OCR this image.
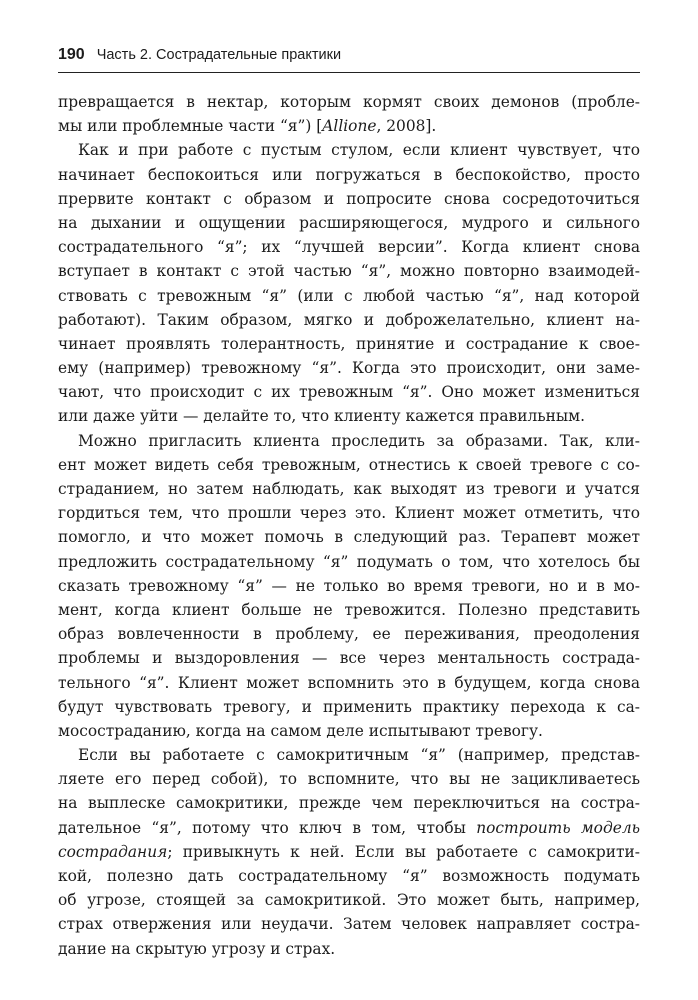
190 Часть 2. Сострадательные практики
превращается в нектар, которым кормят своих демонов (пробле-
мы или проблемные части “я”) [Allione, 2008].
Как и при работе с пустым стулом, если клиент чувствует, что
начинает беспокоиться или погружаться в беспокойство, просто
прервите контакт с образом и попросите снова сосредоточиться
на дыхании и ощущении расширяющегося, мудрого и сильного
сострадательного “я”; их “лучшей версии”. Когда клиент снова
вступает в контакт с этой частью “я”, можно повторно взаимодей-
ствовать с тревожным “я” (или с любой частью “я”, над которой
работают). Таким образом, мягко и доброжелательно, клиент на-
чинает проявлять толерантность, принятие и сострадание к свое-
ему (например) тревожному “я”. Когда это происходит, они заме-
чают, что происходит с их тревожным “я”. Оно может измениться
или даже уйти — делайте то, что клиенту кажется правильным.
Можно пригласить клиента проследить за образами. Так, кли-
ент может видеть себя тревожным, отнестись к своей тревоге с со-
страданием, но затем наблюдать, как выходят из тревоги и учатся
гордиться тем, что прошли через это. Клиент может отметить, что
помогло, и что может помочь в следующий раз. Терапевт может
предложить сострадательному “я” подумать о том, что хотелось бы
сказать тревожному “я” — не только во время тревоги, но и в мо-
мент, когда клиент больше не тревожится. Полезно представить
образ вовлеченности в проблему, ее переживания, преодоления
проблемы и выздоровления — все через ментальность сострада-
тельного “я”. Клиент может вспомнить это в будущем, когда снова
будут чувствовать тревогу, и применить практику перехода к са-
мосостраданию, когда на самом деле испытывают тревогу.
Если вы работаете с самокритичным “я” (например, представ-
ляете его перед собой), то вспомните, что вы не зацикливаетесь
на выплеске самокритики, прежде чем переключиться на состра-
дательное “я”, потому что ключ в том, чтобы построить модель
сострадания; привыкнуть к ней. Если вы работаете с самокрити-
кой, полезно дать сострадательному “я” возможность подумать
об угрозе, стоящей за самокритикой. Это может быть, например,
страх отвержения или неудачи. Затем человек направляет состра-
дание на скрытую угрозу и страх.
